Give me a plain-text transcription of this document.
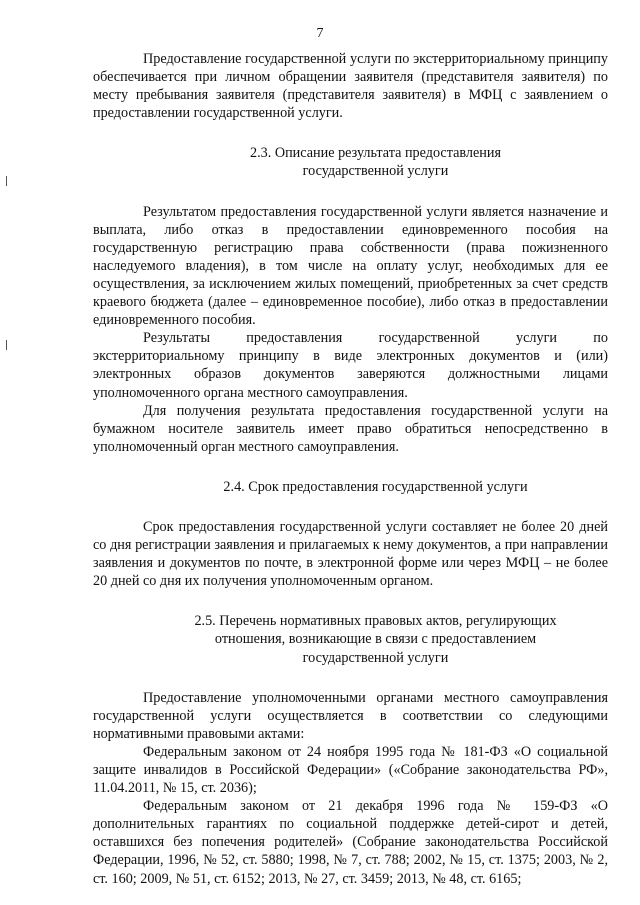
7

Предоставление государственной услуги по экстерриториальному принципу обеспечивается при личном обращении заявителя (представителя заявителя) по месту пребывания заявителя (представителя заявителя) в МФЦ с заявлением о предоставлении государственной услуги.

2.3. Описание результата предоставления

государственной услуги

Результатом предоставления государственной услуги является назначение и выплата, либо отказ в предоставлении единовременного пособия на государственную регистрацию права собственности (права пожизненного наследуемого владения), в том числе на оплату услуг, необходимых для ее осуществления, за исключением жилых помещений, приобретенных за счет средств краевого бюджета (далее – единовременное пособие), либо отказ в предоставлении единовременного пособия.

Результаты предоставления государственной услуги по экстерриториальному принципу в виде электронных документов и (или) электронных образов документов заверяются должностными лицами уполномоченного органа местного самоуправления.

Для получения результата предоставления государственной услуги на бумажном носителе заявитель имеет право обратиться непосредственно в уполномоченный орган местного самоуправления.

2.4. Срок предоставления государственной услуги

Срок предоставления государственной услуги составляет не более 20 дней со дня регистрации заявления и прилагаемых к нему документов, а при направлении заявления и документов по почте, в электронной форме или через МФЦ – не более 20 дней со дня их получения уполномоченным органом.

2.5. Перечень нормативных правовых актов, регулирующих

отношения, возникающие в связи с предоставлением

государственной услуги

Предоставление уполномоченными органами местного самоуправления государственной услуги осуществляется в соответствии со следующими нормативными правовыми актами:

Федеральным законом от 24 ноября 1995 года № 181-ФЗ «О социальной защите инвалидов в Российской Федерации» («Собрание законодательства РФ», 11.04.2011, № 15, ст. 2036);

Федеральным законом от 21 декабря 1996 года № 159-ФЗ «О дополнительных гарантиях по социальной поддержке детей-сирот и детей, оставшихся без попечения родителей» (Собрание законодательства Российской Федерации, 1996, № 52, ст. 5880; 1998, № 7, ст. 788; 2002, № 15, ст. 1375; 2003, № 2, ст. 160; 2009, № 51, ст. 6152; 2013, № 27, ст. 3459; 2013, № 48, ст. 6165;
